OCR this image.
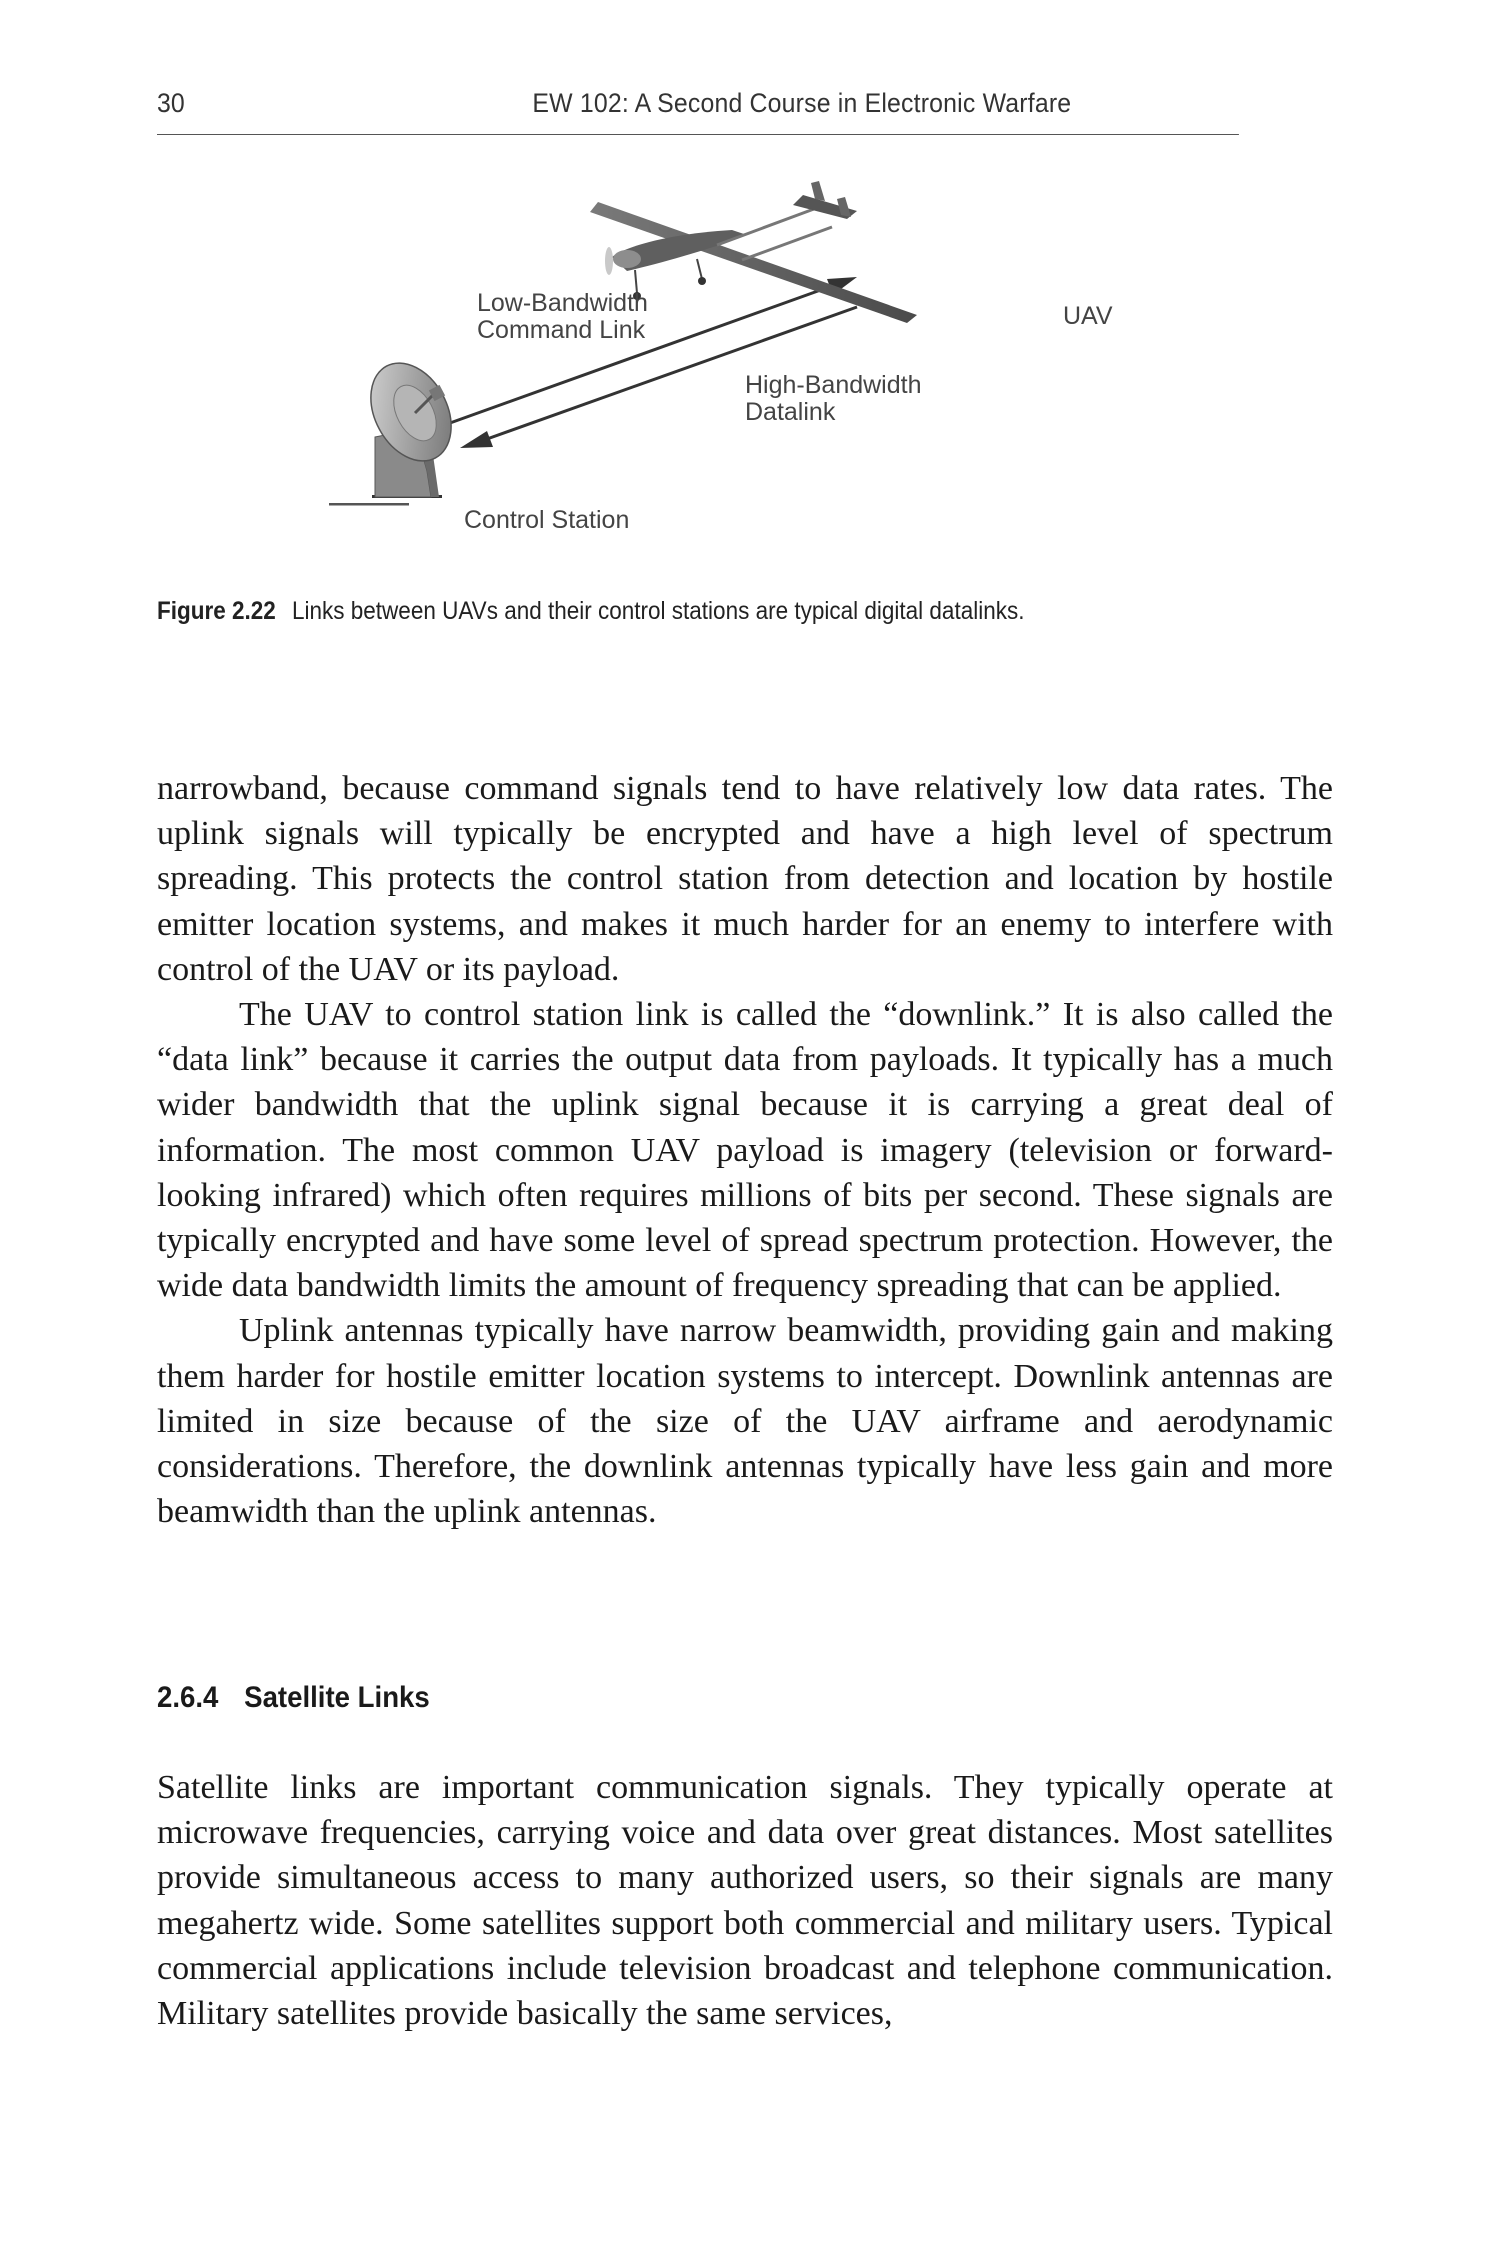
30	EW 102: A Second Course in Electronic Warfare
Low-Bandwidth
Command Link
High-Bandwidth
Datalink
UAV
Control Station
Figure 2.22 Links between UAVs and their control stations are typical digital datalinks.

narrowband, because command signals tend to have relatively low data rates. The uplink signals will typically be encrypted and have a high level of spectrum spreading. This protects the control station from detection and location by hostile emitter location systems, and makes it much harder for an enemy to interfere with control of the UAV or its payload.

The UAV to control station link is called the “downlink.” It is also called the “data link” because it carries the output data from payloads. It typically has a much wider bandwidth that the uplink signal because it is carrying a great deal of information. The most common UAV payload is imagery (television or forward-looking infrared) which often requires millions of bits per second. These signals are typically encrypted and have some level of spread spectrum protection. However, the wide data bandwidth limits the amount of frequency spreading that can be applied.

Uplink antennas typically have narrow beamwidth, providing gain and making them harder for hostile emitter location systems to intercept. Downlink antennas are limited in size because of the size of the UAV airframe and aerodynamic considerations. Therefore, the downlink antennas typically have less gain and more beamwidth than the uplink antennas.

2.6.4 Satellite Links

Satellite links are important communication signals. They typically operate at microwave frequencies, carrying voice and data over great distances. Most satellites provide simultaneous access to many authorized users, so their signals are many megahertz wide. Some satellites support both commercial and military users. Typical commercial applications include television broadcast and telephone communication. Military satellites provide basically the same services,
